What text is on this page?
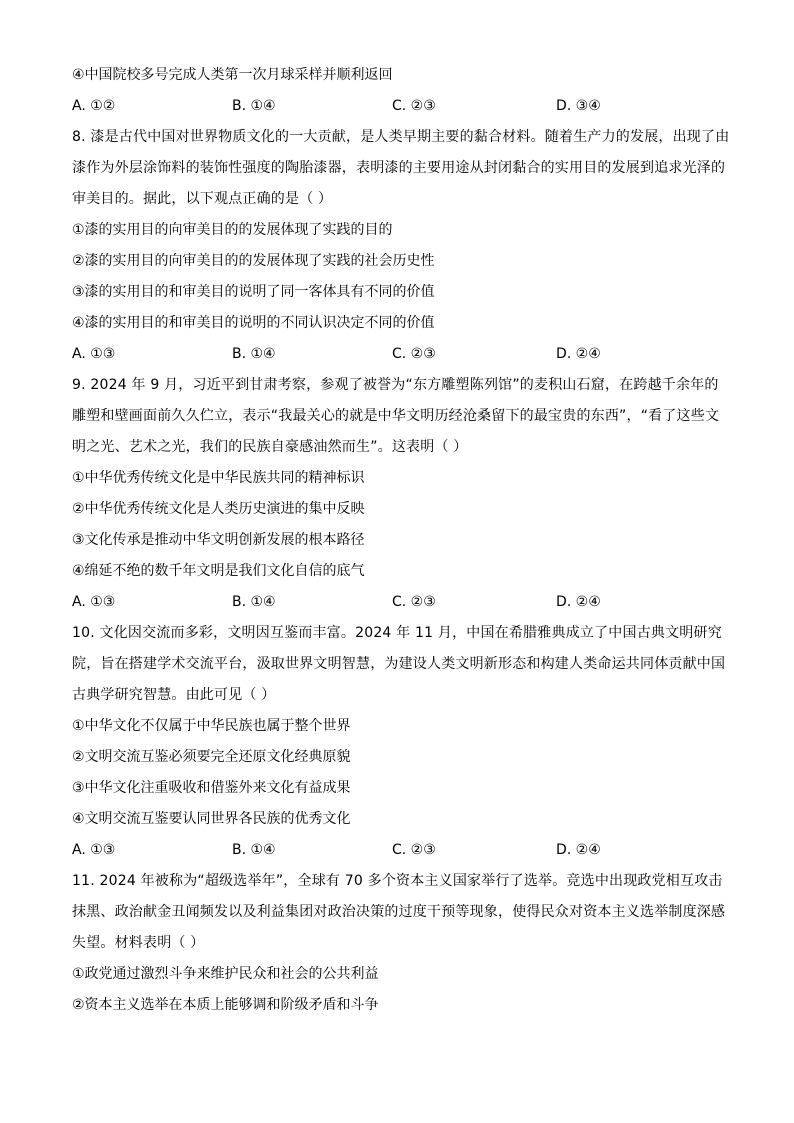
④中国院校多号完成人类第一次月球采样并顺利返回
A. ①②	B. ①④	C. ②③	D. ③④
8. 漆是古代中国对世界物质文化的一大贡献，是人类早期主要的黏合材料。随着生产力的发展，出现了由漆作为外层涂饰料的装饰性强度的陶胎漆器，表明漆的主要用途从封闭黏合的实用目的发展到追求光泽的审美目的。据此，以下观点正确的是（ ）
①漆的实用目的向审美目的的发展体现了实践的目的
②漆的实用目的向审美目的的发展体现了实践的社会历史性
③漆的实用目的和审美目的说明了同一客体具有不同的价值
④漆的实用目的和审美目的说明的不同认识决定不同的价值
A. ①③	B. ①④	C. ②③	D. ②④
9. 2024 年 9 月，习近平到甘肃考察，参观了被誉为“东方雕塑陈列馆”的麦积山石窟，在跨越千余年的雕塑和壁画面前久久伫立，表示“我最关心的就是中华文明历经沧桑留下的最宝贵的东西”，“看了这些文明之光、艺术之光，我们的民族自豪感油然而生”。这表明（ ）
①中华优秀传统文化是中华民族共同的精神标识
②中华优秀传统文化是人类历史演进的集中反映
③文化传承是推动中华文明创新发展的根本路径
④绵延不绝的数千年文明是我们文化自信的底气
A. ①③	B. ①④	C. ②③	D. ②④
10. 文化因交流而多彩，文明因互鉴而丰富。2024 年 11 月，中国在希腊雅典成立了中国古典文明研究院，旨在搭建学术交流平台，汲取世界文明智慧，为建设人类文明新形态和构建人类命运共同体贡献中国古典学研究智慧。由此可见（ ）
①中华文化不仅属于中华民族也属于整个世界
②文明交流互鉴必须要完全还原文化经典原貌
③中华文化注重吸收和借鉴外来文化有益成果
④文明交流互鉴要认同世界各民族的优秀文化
A. ①③	B. ①④	C. ②③	D. ②④
11. 2024 年被称为“超级选举年”，全球有 70 多个资本主义国家举行了选举。竞选中出现政党相互攻击抹黑、政治献金丑闻频发以及利益集团对政治决策的过度干预等现象，使得民众对资本主义选举制度深感失望。材料表明（ ）
①政党通过激烈斗争来维护民众和社会的公共利益
②资本主义选举在本质上能够调和阶级矛盾和斗争
